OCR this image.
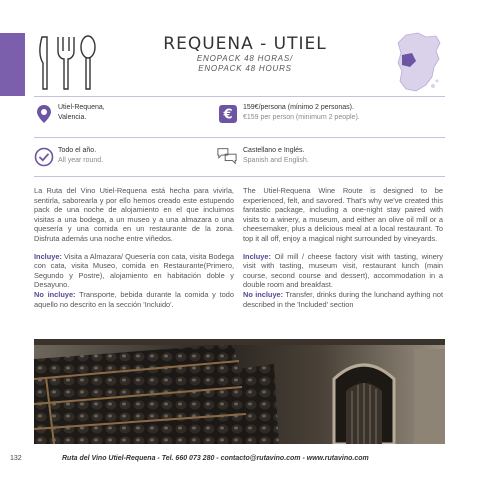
REQUENA - UTIEL
ENOPACK 48 HORAS/
ENOPACK 48 HOURS
Utiel-Requena,
Valencia.	€ 159€/persona (mínimo 2 personas).
€159 per person (minimum 2 people).
Todo el año.
All year round.
Castellano e Inglés.
Spanish and English.

La Ruta del Vino Utiel-Requena está hecha para vivirla, sentirla, saborearla y por ello hemos creado este estupendo pack de una noche de alojamiento en el que incluimos visitas a una bodega, a un museo y a una almazara o una quesería y una comida en un restaurante de la zona. Disfruta además una noche entre viñedos.

Incluye: Visita a Almazara/ Quesería con cata, visita Bodega con cata, visita Museo, comida en Restaurante(Primero, Segundo y Postre), alojamiento en habitación doble y Desayuno.

No incluye: Transporte, bebida durante la comida y todo aquello no descrito en la sección 'Incluido'.

The Utiel-Requena Wine Route is designed to be experienced, felt, and savored. That's why we've created this fantastic package, including a one-night stay paired with visits to a winery, a museum, and either an olive oil mill or a cheesemaker, plus a delicious meal at a local restaurant. To top it all off, enjoy a magical night surrounded by vineyards.

Incluye: Oil mill / cheese factory visit with tasting, winery visit with tasting, museum visit, restaurant lunch (main course, second course and dessert), accommodation in a double room and breakfast.

No incluye: Transfer, drinks during the lunchand aything not described in the 'Included' section

132	Ruta del Vino Utiel-Requena - Tel. 660 073 280 - contacto@rutavino.com - www.rutavino.com
